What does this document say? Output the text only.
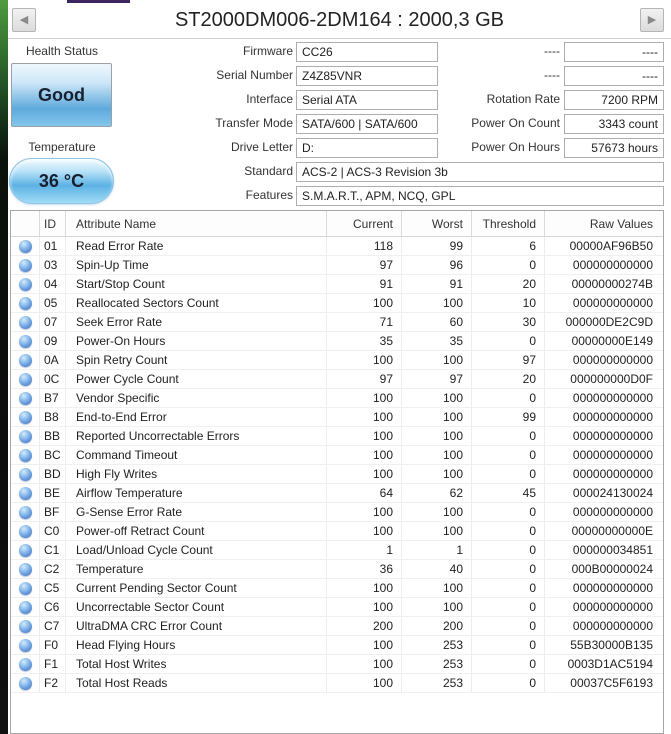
◀	ST2000DM006-2DM164 : 2000,3 GB	▶
Health Status
Good
Temperature
36 °C
Firmware CC26
Serial Number Z4Z85VNR
Interface Serial ATA
Transfer Mode SATA/600 | SATA/600
Drive Letter D:
Standard ACS-2 | ACS-3 Revision 3b
Features S.M.A.R.T., APM, NCQ, GPL
----	----
----	----
Rotation Rate	7200 RPM
Power On Count	3343 count
Power On Hours	57673 hours
ID	Attribute Name	Current	Worst	Threshold	Raw Values
01	Read Error Rate	118	99	6	00000AF96B50
03	Spin-Up Time	97	96	0	000000000000
04	Start/Stop Count	91	91	20	00000000274B
05	Reallocated Sectors Count	100	100	10	000000000000
07	Seek Error Rate	71	60	30	000000DE2C9D
09	Power-On Hours	35	35	0	00000000E149
0A	Spin Retry Count	100	100	97	000000000000
0C	Power Cycle Count	97	97	20	000000000D0F
B7	Vendor Specific	100	100	0	000000000000
B8	End-to-End Error	100	100	99	000000000000
BB	Reported Uncorrectable Errors	100	100	0	000000000000
BC	Command Timeout	100	100	0	000000000000
BD	High Fly Writes	100	100	0	000000000000
BE	Airflow Temperature	64	62	45	000024130024
BF	G-Sense Error Rate	100	100	0	000000000000
C0	Power-off Retract Count	100	100	0	00000000000E
C1	Load/Unload Cycle Count	1	1	0	000000034851
C2	Temperature	36	40	0	000B00000024
C5	Current Pending Sector Count	100	100	0	000000000000
C6	Uncorrectable Sector Count	100	100	0	000000000000
C7	UltraDMA CRC Error Count	200	200	0	000000000000
F0	Head Flying Hours	100	253	0	55B30000B135
F1	Total Host Writes	100	253	0	0003D1AC5194
F2	Total Host Reads	100	253	0	00037C5F6193
